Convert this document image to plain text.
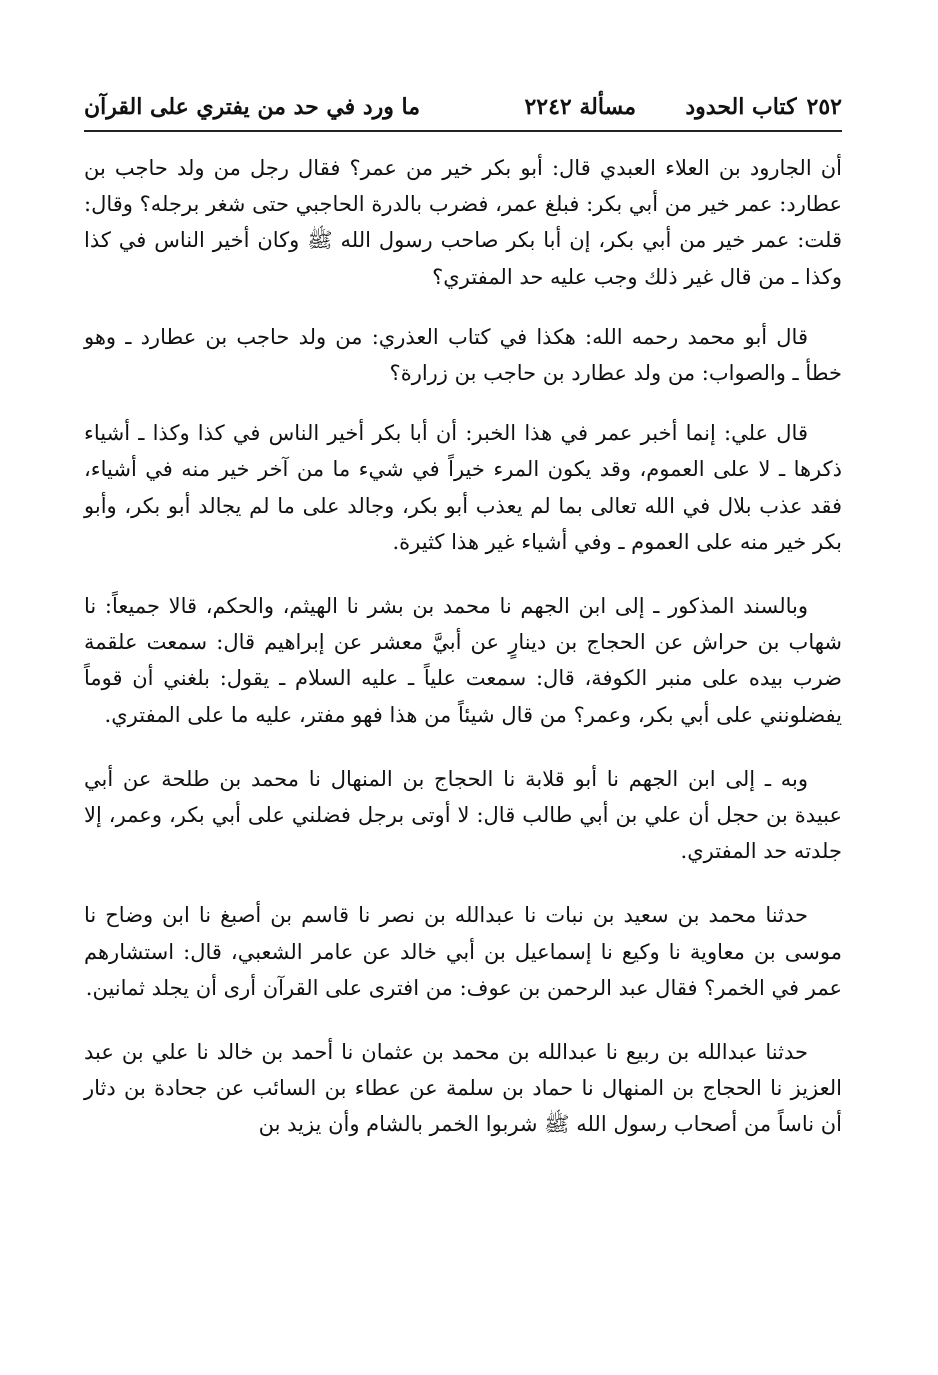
٢٥٢كتاب الحدود
مسألة ٢٢٤٢
ما ورد في حد من يفتري على القرآن

أن الجارود بن العلاء العبدي قال: أبو بكر خير من عمر؟ فقال رجل من ولد حاجب بن عطارد: عمر خير من أبي بكر: فبلغ عمر، فضرب بالدرة الحاجبي حتى شغر برجله؟ وقال: قلت: عمر خير من أبي بكر، إن أبا بكر صاحب رسول الله ﷺ وكان أخير الناس في كذا وكذا ـ من قال غير ذلك وجب عليه حد المفتري؟

قال أبو محمد رحمه الله: هكذا في كتاب العذري: من ولد حاجب بن عطارد ـ وهو خطأ ـ والصواب: من ولد عطارد بن حاجب بن زرارة؟

قال علي: إنما أخبر عمر في هذا الخبر: أن أبا بكر أخير الناس في كذا وكذا ـ أشياء ذكرها ـ لا على العموم، وقد يكون المرء خيراً في شيء ما من آخر خير منه في أشياء، فقد عذب بلال في الله تعالى بما لم يعذب أبو بكر، وجالد على ما لم يجالد أبو بكر، وأبو بكر خير منه على العموم ـ وفي أشياء غير هذا كثيرة.

وبالسند المذكور ـ إلى ابن الجهم نا محمد بن بشر نا الهيثم، والحكم، قالا جميعاً: نا شهاب بن حراش عن الحجاج بن دينارٍ عن أبيَّ معشر عن إبراهيم قال: سمعت علقمة ضرب بيده على منبر الكوفة، قال: سمعت علياً ـ عليه السلام ـ يقول: بلغني أن قوماً يفضلونني على أبي بكر، وعمر؟ من قال شيئاً من هذا فهو مفتر، عليه ما على المفتري.

وبه ـ إلى ابن الجهم نا أبو قلابة نا الحجاج بن المنهال نا محمد بن طلحة عن أبي عبيدة بن حجل أن علي بن أبي طالب قال: لا أوتى برجل فضلني على أبي بكر، وعمر، إلا جلدته حد المفتري.

حدثنا محمد بن سعيد بن نبات نا عبدالله بن نصر نا قاسم بن أصبغ نا ابن وضاح نا موسى بن معاوية نا وكيع نا إسماعيل بن أبي خالد عن عامر الشعبي، قال: استشارهم عمر في الخمر؟ فقال عبد الرحمن بن عوف: من افترى على القرآن أرى أن يجلد ثمانين.

حدثنا عبدالله بن ربيع نا عبدالله بن محمد بن عثمان نا أحمد بن خالد نا علي بن عبد العزيز نا الحجاج بن المنهال نا حماد بن سلمة عن عطاء بن السائب عن جحادة بن دثار أن ناساً من أصحاب رسول الله ﷺ شربوا الخمر بالشام وأن يزيد بن
